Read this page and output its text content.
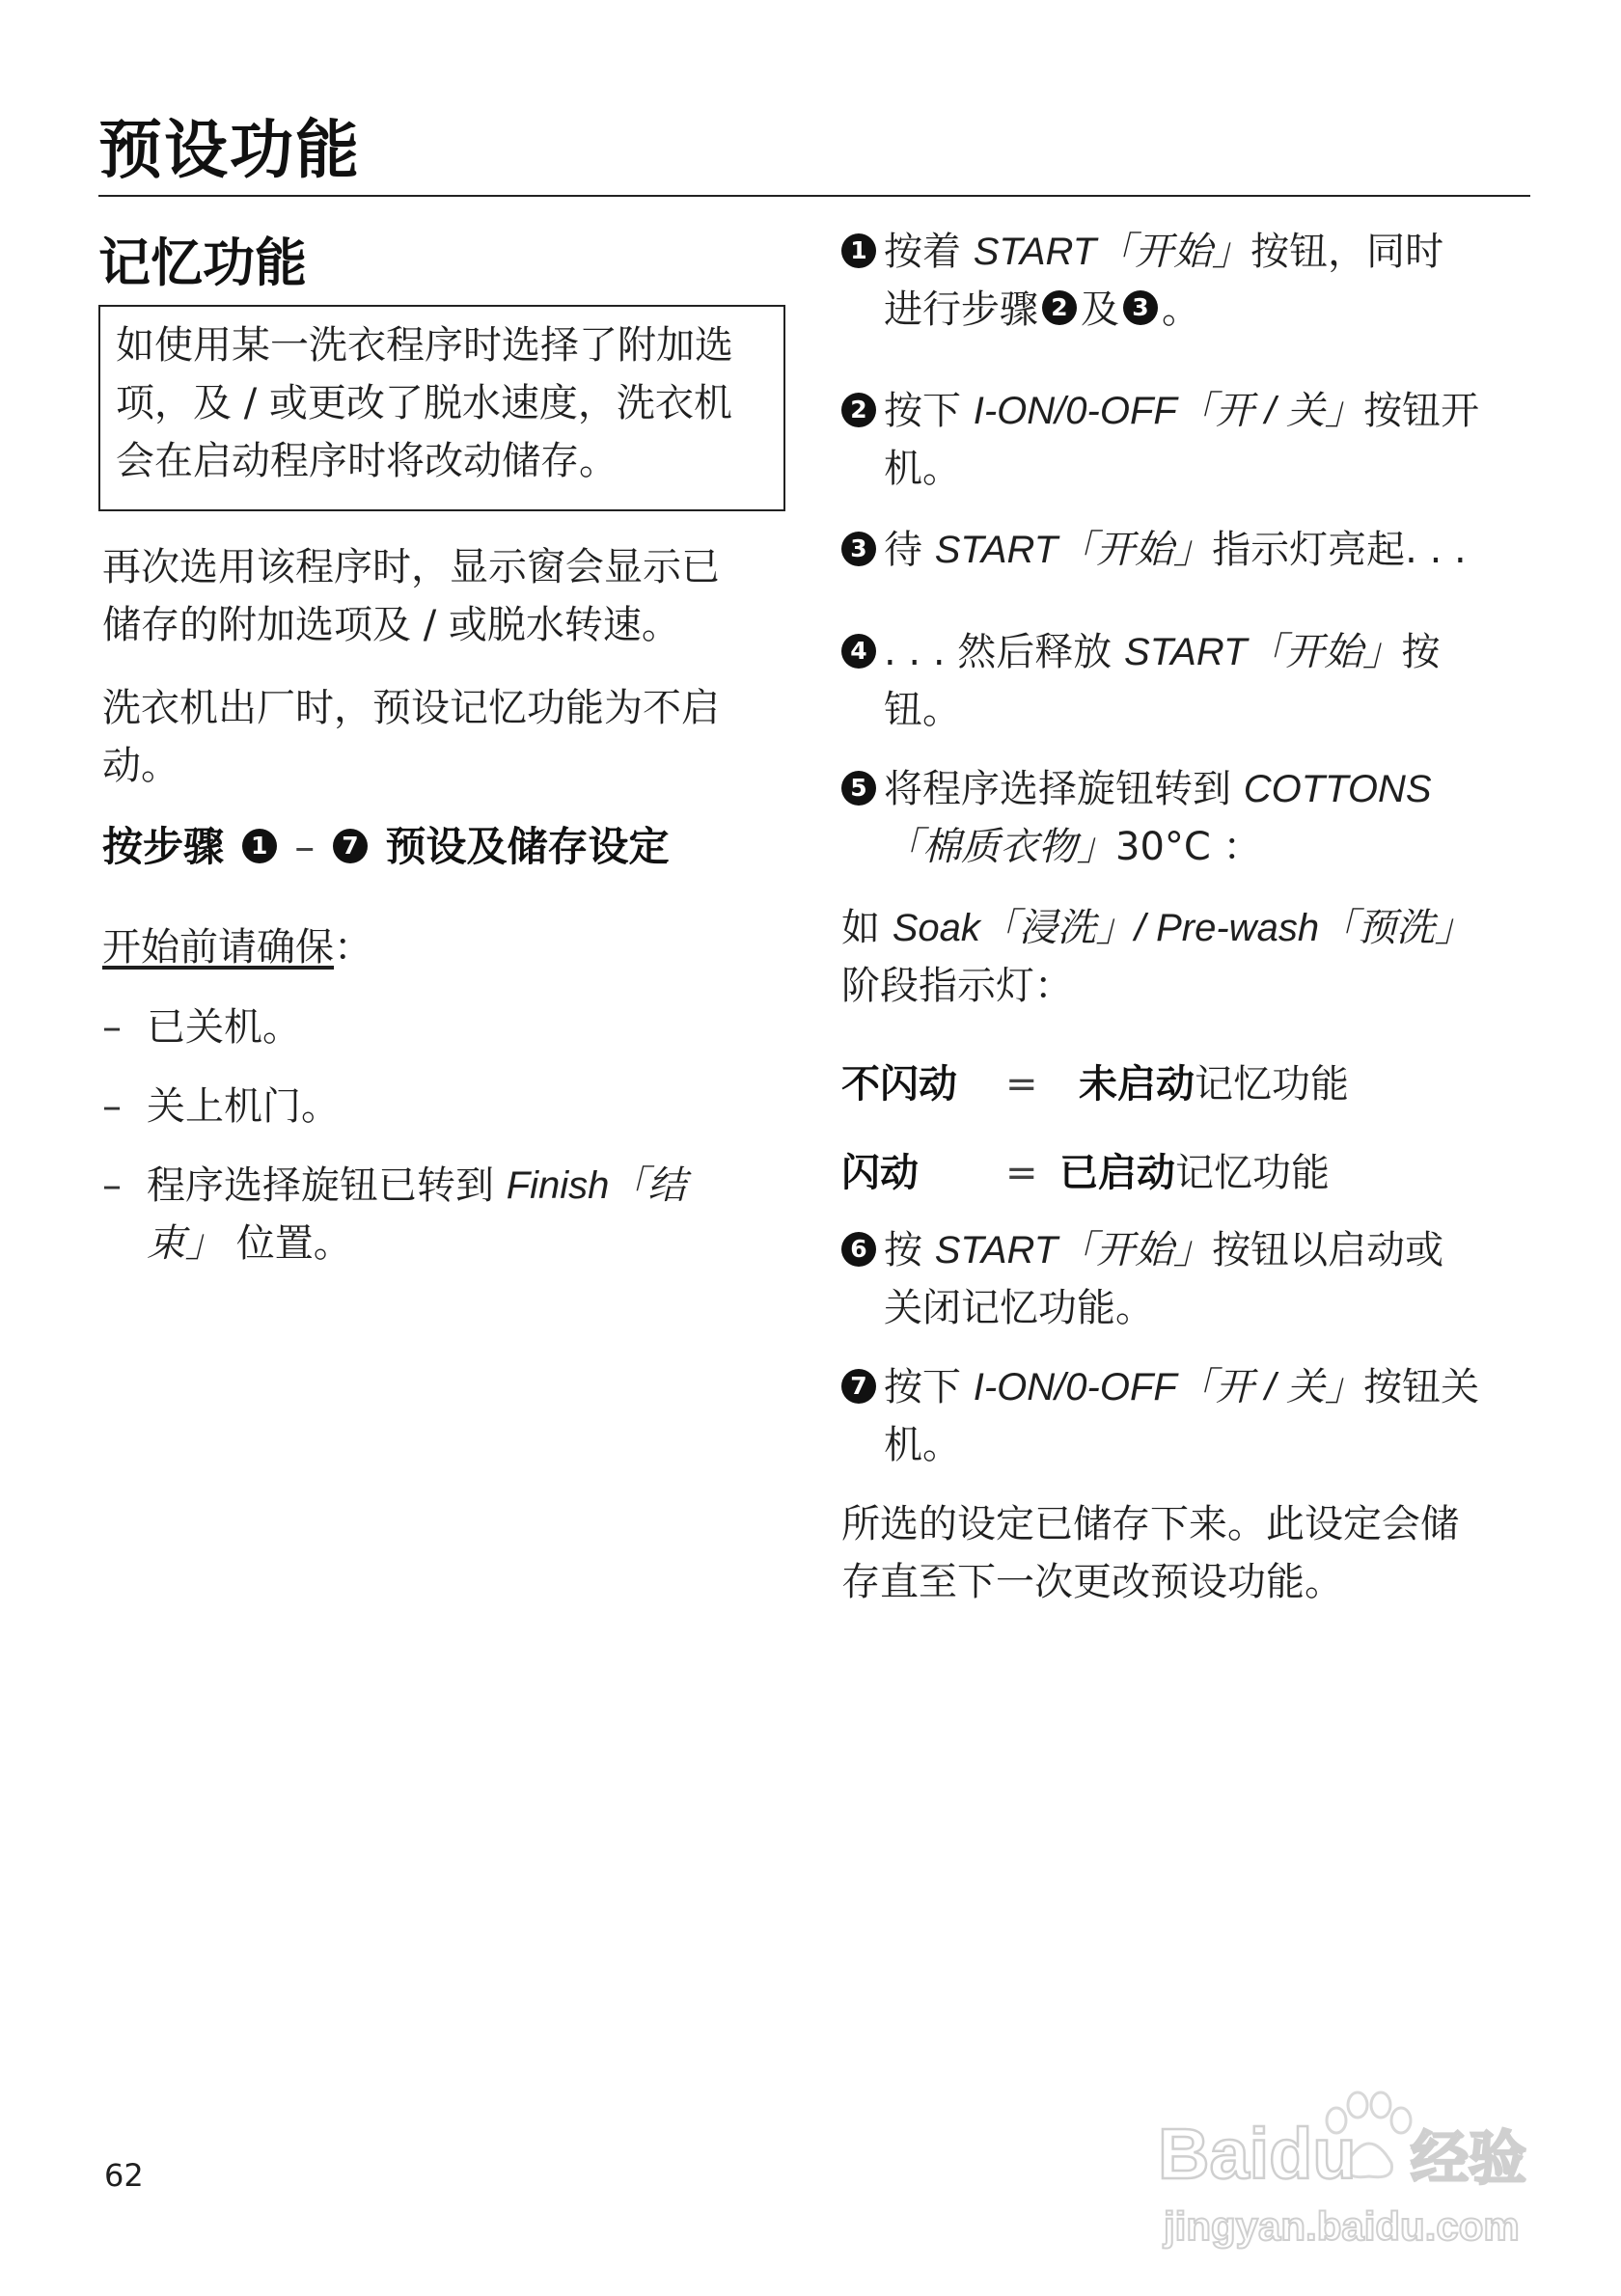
预设功能
记忆功能

如使用某一洗衣程序时选择了附加选

项，及 / 或更改了脱水速度，洗衣机

会在启动程序时将改动储存。

再次选用该程序时，显示窗会显示已
储存的附加选项及 / 或脱水转速。
洗衣机出厂时，预设记忆功能为不启
动。
按步骤 1 – 7 预设及储存设定
开始前请确保：
– 已关机。
– 关上机门。
– 程序选择旋钮已转到 Finish「结
束」 位置。
1 按着 START「开始」按钮，同时
进行步骤 2 及 3 。
2 按下 I-ON/0-OFF「开 / 关」按钮开
机。
3 待 START「开始」指示灯亮起. . .
4 . . . 然后释放 START「开始」按
钮。
5 将程序选择旋钮转到 COTTONS
「棉质衣物」30°C ：
如 Soak「浸洗」/ Pre-wash「预洗」
阶段指示灯：
不闪动 = 未启动记忆功能
闪动 = 已启动记忆功能
6 按 START「开始」按钮以启动或
关闭记忆功能。
7 按下 I-ON/0-OFF「开 / 关」按钮关
机。
所选的设定已储存下来。此设定会储
存直至下一次更改预设功能。
62	Baidu 经验
jingyan.baidu.com
